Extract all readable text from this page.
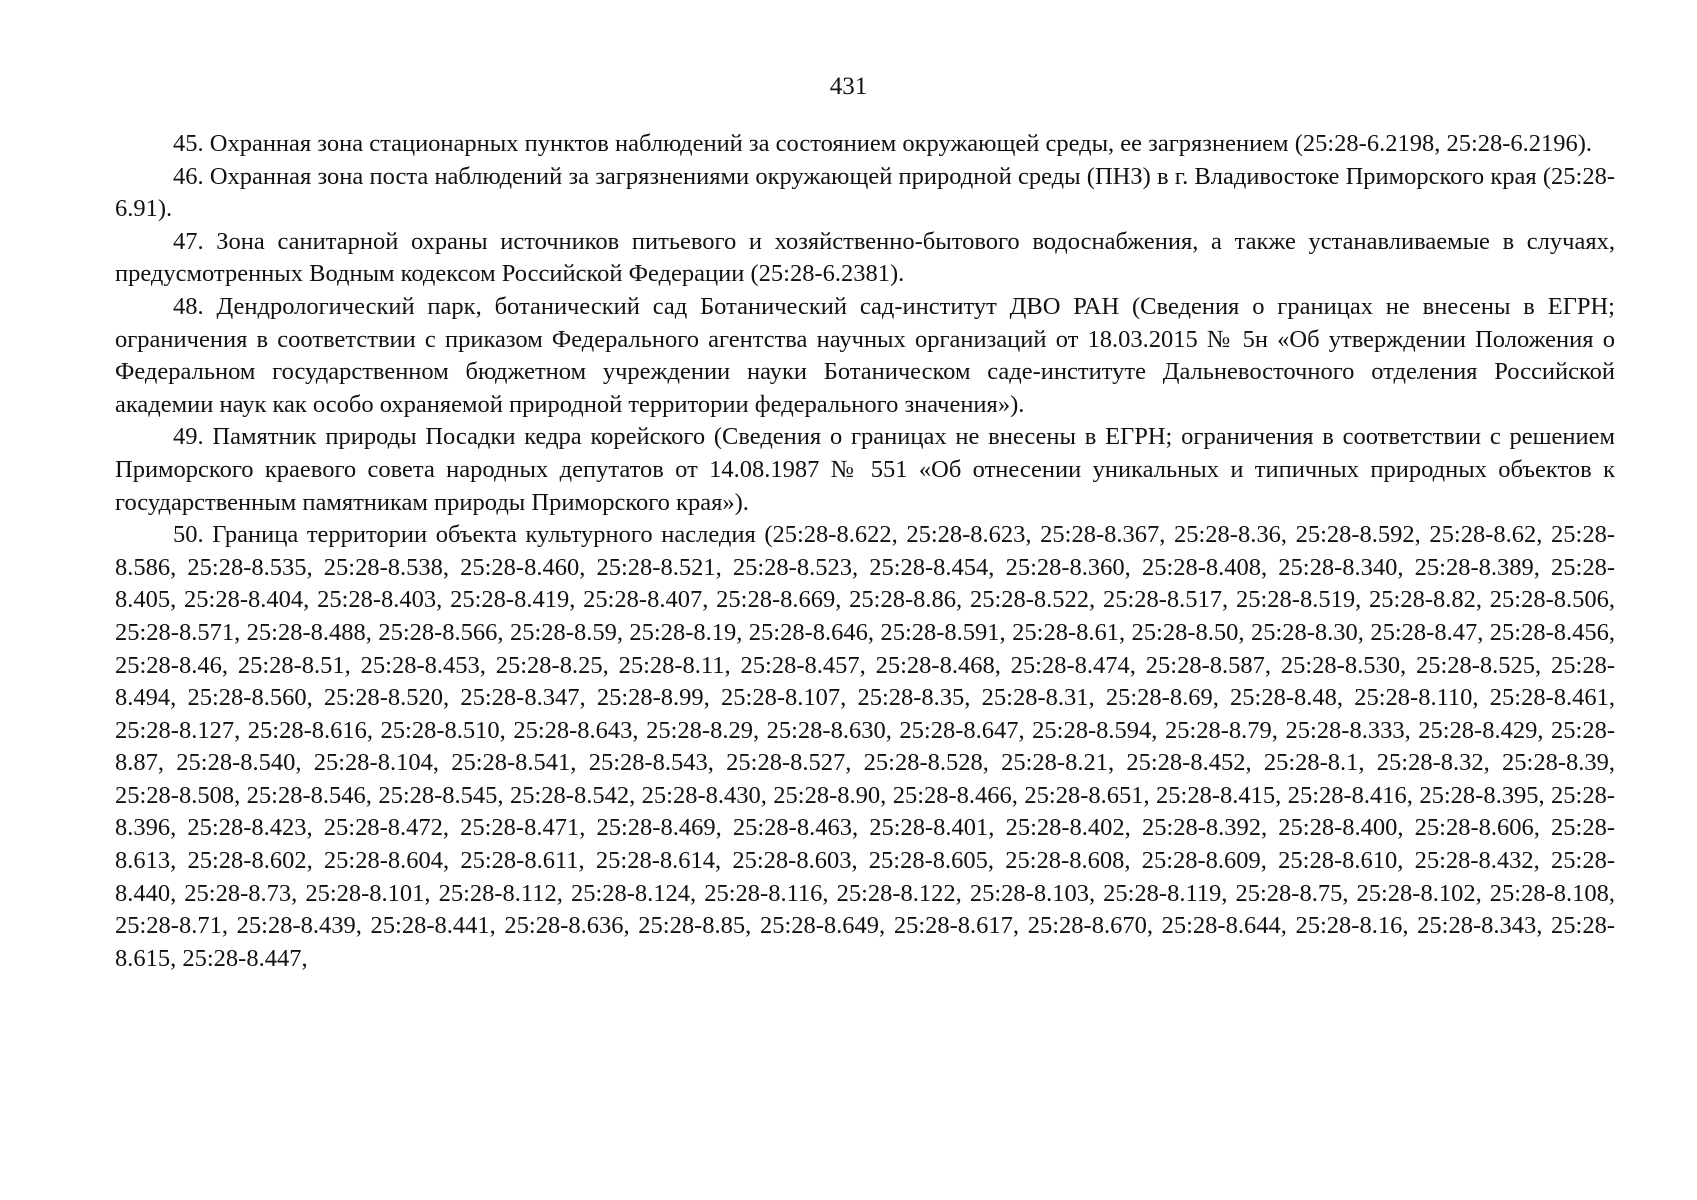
431

45. Охранная зона стационарных пунктов наблюдений за состоянием окружающей среды, ее загрязнением (25:28-6.2198, 25:28-6.2196).

46. Охранная зона поста наблюдений за загрязнениями окружающей природной среды (ПНЗ) в г. Владивостоке Приморского края (25:28-6.91).

47. Зона санитарной охраны источников питьевого и хозяйственно-бытового водоснабжения, а также устанавливаемые в случаях, предусмотренных Водным кодексом Российской Федерации (25:28-6.2381).

48. Дендрологический парк, ботанический сад Ботанический сад-институт ДВО РАН (Сведения о границах не внесены в ЕГРН; ограничения в соответствии с приказом Федерального агентства научных организаций от 18.03.2015 № 5н «Об утверждении Положения о Федеральном государственном бюджетном учреждении науки Ботаническом саде-институте Дальневосточного отделения Российской академии наук как особо охраняемой природной территории федерального значения»).

49. Памятник природы Посадки кедра корейского (Сведения о границах не внесены в ЕГРН; ограничения в соответствии с решением Приморского краевого совета народных депутатов от 14.08.1987 № 551 «Об отнесении уникальных и типичных природных объектов к государственным памятникам природы Приморского края»).

50. Граница территории объекта культурного наследия (25:28-8.622, 25:28-8.623, 25:28-8.367, 25:28-8.36, 25:28-8.592, 25:28-8.62, 25:28-8.586, 25:28-8.535, 25:28-8.538, 25:28-8.460, 25:28-8.521, 25:28-8.523, 25:28-8.454, 25:28-8.360, 25:28-8.408, 25:28-8.340, 25:28-8.389, 25:28-8.405, 25:28-8.404, 25:28-8.403, 25:28-8.419, 25:28-8.407, 25:28-8.669, 25:28-8.86, 25:28-8.522, 25:28-8.517, 25:28-8.519, 25:28-8.82, 25:28-8.506, 25:28-8.571, 25:28-8.488, 25:28-8.566, 25:28-8.59, 25:28-8.19, 25:28-8.646, 25:28-8.591, 25:28-8.61, 25:28-8.50, 25:28-8.30, 25:28-8.47, 25:28-8.456, 25:28-8.46, 25:28-8.51, 25:28-8.453, 25:28-8.25, 25:28-8.11, 25:28-8.457, 25:28-8.468, 25:28-8.474, 25:28-8.587, 25:28-8.530, 25:28-8.525, 25:28-8.494, 25:28-8.560, 25:28-8.520, 25:28-8.347, 25:28-8.99, 25:28-8.107, 25:28-8.35, 25:28-8.31, 25:28-8.69, 25:28-8.48, 25:28-8.110, 25:28-8.461, 25:28-8.127, 25:28-8.616, 25:28-8.510, 25:28-8.643, 25:28-8.29, 25:28-8.630, 25:28-8.647, 25:28-8.594, 25:28-8.79, 25:28-8.333, 25:28-8.429, 25:28-8.87, 25:28-8.540, 25:28-8.104, 25:28-8.541, 25:28-8.543, 25:28-8.527, 25:28-8.528, 25:28-8.21, 25:28-8.452, 25:28-8.1, 25:28-8.32, 25:28-8.39, 25:28-8.508, 25:28-8.546, 25:28-8.545, 25:28-8.542, 25:28-8.430, 25:28-8.90, 25:28-8.466, 25:28-8.651, 25:28-8.415, 25:28-8.416, 25:28-8.395, 25:28-8.396, 25:28-8.423, 25:28-8.472, 25:28-8.471, 25:28-8.469, 25:28-8.463, 25:28-8.401, 25:28-8.402, 25:28-8.392, 25:28-8.400, 25:28-8.606, 25:28-8.613, 25:28-8.602, 25:28-8.604, 25:28-8.611, 25:28-8.614, 25:28-8.603, 25:28-8.605, 25:28-8.608, 25:28-8.609, 25:28-8.610, 25:28-8.432, 25:28-8.440, 25:28-8.73, 25:28-8.101, 25:28-8.112, 25:28-8.124, 25:28-8.116, 25:28-8.122, 25:28-8.103, 25:28-8.119, 25:28-8.75, 25:28-8.102, 25:28-8.108, 25:28-8.71, 25:28-8.439, 25:28-8.441, 25:28-8.636, 25:28-8.85, 25:28-8.649, 25:28-8.617, 25:28-8.670, 25:28-8.644, 25:28-8.16, 25:28-8.343, 25:28-8.615, 25:28-8.447,
